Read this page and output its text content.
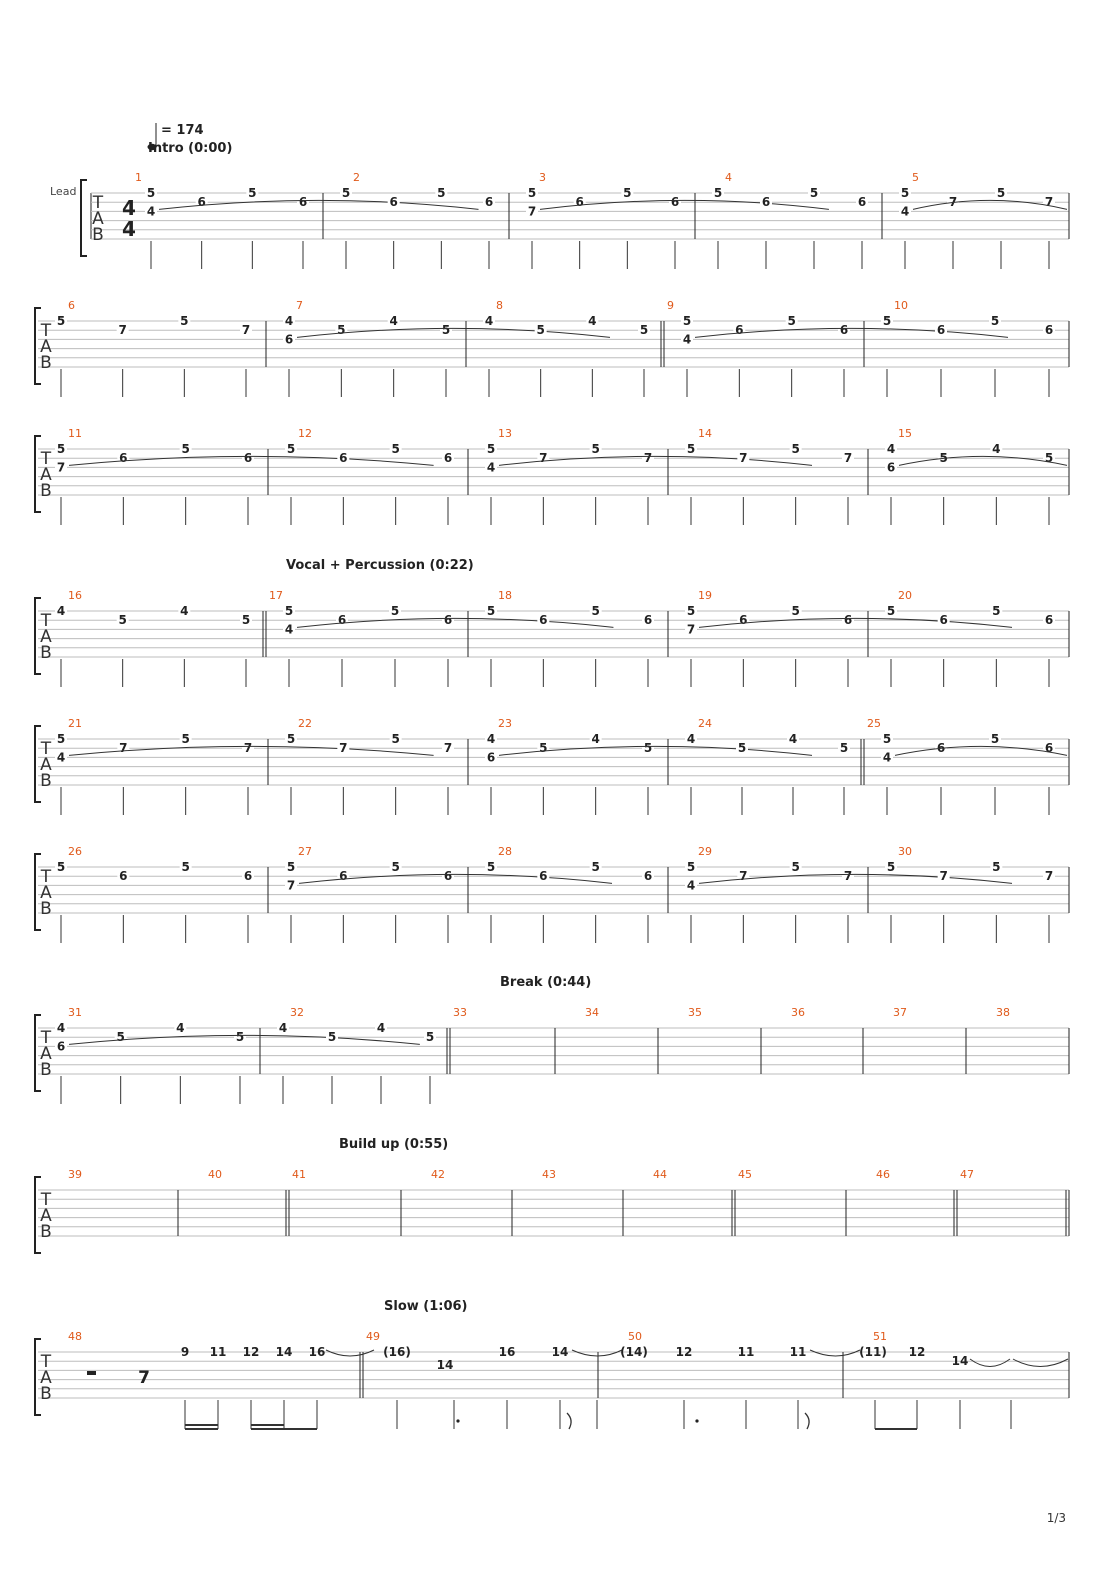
= 174
Intro (0:00)
Vocal + Percussion (0:22)
Break (0:44)
Build up (0:55)
Slow (1:06)
Lead
T
A
B
4
4
1
5
4
6
5
6
2
5
6
5
6
3
5
7
6
5
6
4
5
6
5
6
5
5
4
7
5
7
T
A
B
6
5
7
5
7
7
4
6
5
4
5
8
4
5
4
5
9
5
4
6
5
6
10
5
6
5
6
T
A
B
11
5
7
6
5
6
12
5
6
5
6
13
5
4
7
5
7
14
5
7
5
7
15
4
6
5
4
5
T
A
B
16
4
5
4
5
17
5
4
6
5
6
18
5
6
5
6
19
5
7
6
5
6
20
5
6
5
6
T
A
B
21
5
4
7
5
7
22
5
7
5
7
23
4
6
5
4
5
24
4
5
4
5
25
5
4
6
5
6
T
A
B
26
5
6
5
6
27
5
7
6
5
6
28
5
6
5
6
29
5
4
7
5
7
30
5
7
5
7
T
A
B
31
4
6
5
4
5
32
4
5
4
5
33	34	35	36	37	38
T
A
B
39	40	41	42	43	44	45	46	47
T
A
B
48
7
9 11 12 14 16
49
(16)
14
16	14
50
(14) 12	11	11
51
(11) 12
14
1/3
